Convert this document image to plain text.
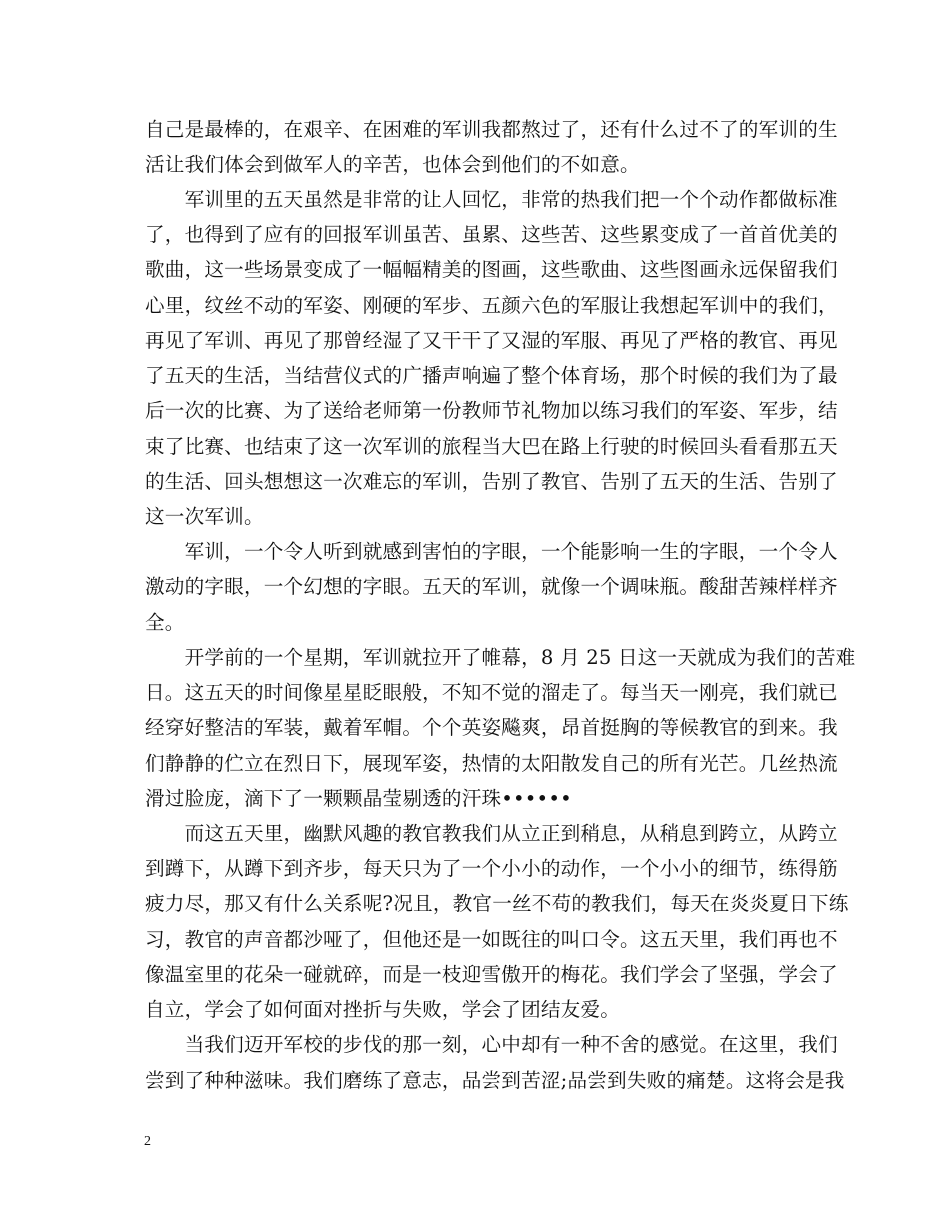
自己是最棒的，在艰辛、在困难的军训我都熬过了，还有什么过不了的军训的生
活让我们体会到做军人的辛苦，也体会到他们的不如意。
　　军训里的五天虽然是非常的让人回忆，非常的热我们把一个个动作都做标准
了，也得到了应有的回报军训虽苦、虽累、这些苦、这些累变成了一首首优美的
歌曲，这一些场景变成了一幅幅精美的图画，这些歌曲、这些图画永远保留我们
心里，纹丝不动的军姿、刚硬的军步、五颜六色的军服让我想起军训中的我们，
再见了军训、再见了那曾经湿了又干干了又湿的军服、再见了严格的教官、再见
了五天的生活，当结营仪式的广播声响遍了整个体育场，那个时候的我们为了最
后一次的比赛、为了送给老师第一份教师节礼物加以练习我们的军姿、军步，结
束了比赛、也结束了这一次军训的旅程当大巴在路上行驶的时候回头看看那五天
的生活、回头想想这一次难忘的军训，告别了教官、告别了五天的生活、告别了
这一次军训。
　　军训，一个令人听到就感到害怕的字眼，一个能影响一生的字眼，一个令人
激动的字眼，一个幻想的字眼。五天的军训，就像一个调味瓶。酸甜苦辣样样齐
全。
　　开学前的一个星期，军训就拉开了帷幕，8 月 25 日这一天就成为我们的苦难
日。这五天的时间像星星眨眼般，不知不觉的溜走了。每当天一刚亮，我们就已
经穿好整洁的军装，戴着军帽。个个英姿飚爽，昂首挺胸的等候教官的到来。我
们静静的伫立在烈日下，展现军姿，热情的太阳散发自己的所有光芒。几丝热流
滑过脸庞，滴下了一颗颗晶莹剔透的汗珠••••••
　　而这五天里，幽默风趣的教官教我们从立正到稍息，从稍息到跨立，从跨立
到蹲下，从蹲下到齐步，每天只为了一个小小的动作，一个小小的细节，练得筋
疲力尽，那又有什么关系呢?况且，教官一丝不苟的教我们，每天在炎炎夏日下练
习，教官的声音都沙哑了，但他还是一如既往的叫口令。这五天里，我们再也不
像温室里的花朵一碰就碎，而是一枝迎雪傲开的梅花。我们学会了坚强，学会了
自立，学会了如何面对挫折与失败，学会了团结友爱。
　　当我们迈开军校的步伐的那一刻，心中却有一种不舍的感觉。在这里，我们
尝到了种种滋味。我们磨练了意志，品尝到苦涩;品尝到失败的痛楚。这将会是我
2
